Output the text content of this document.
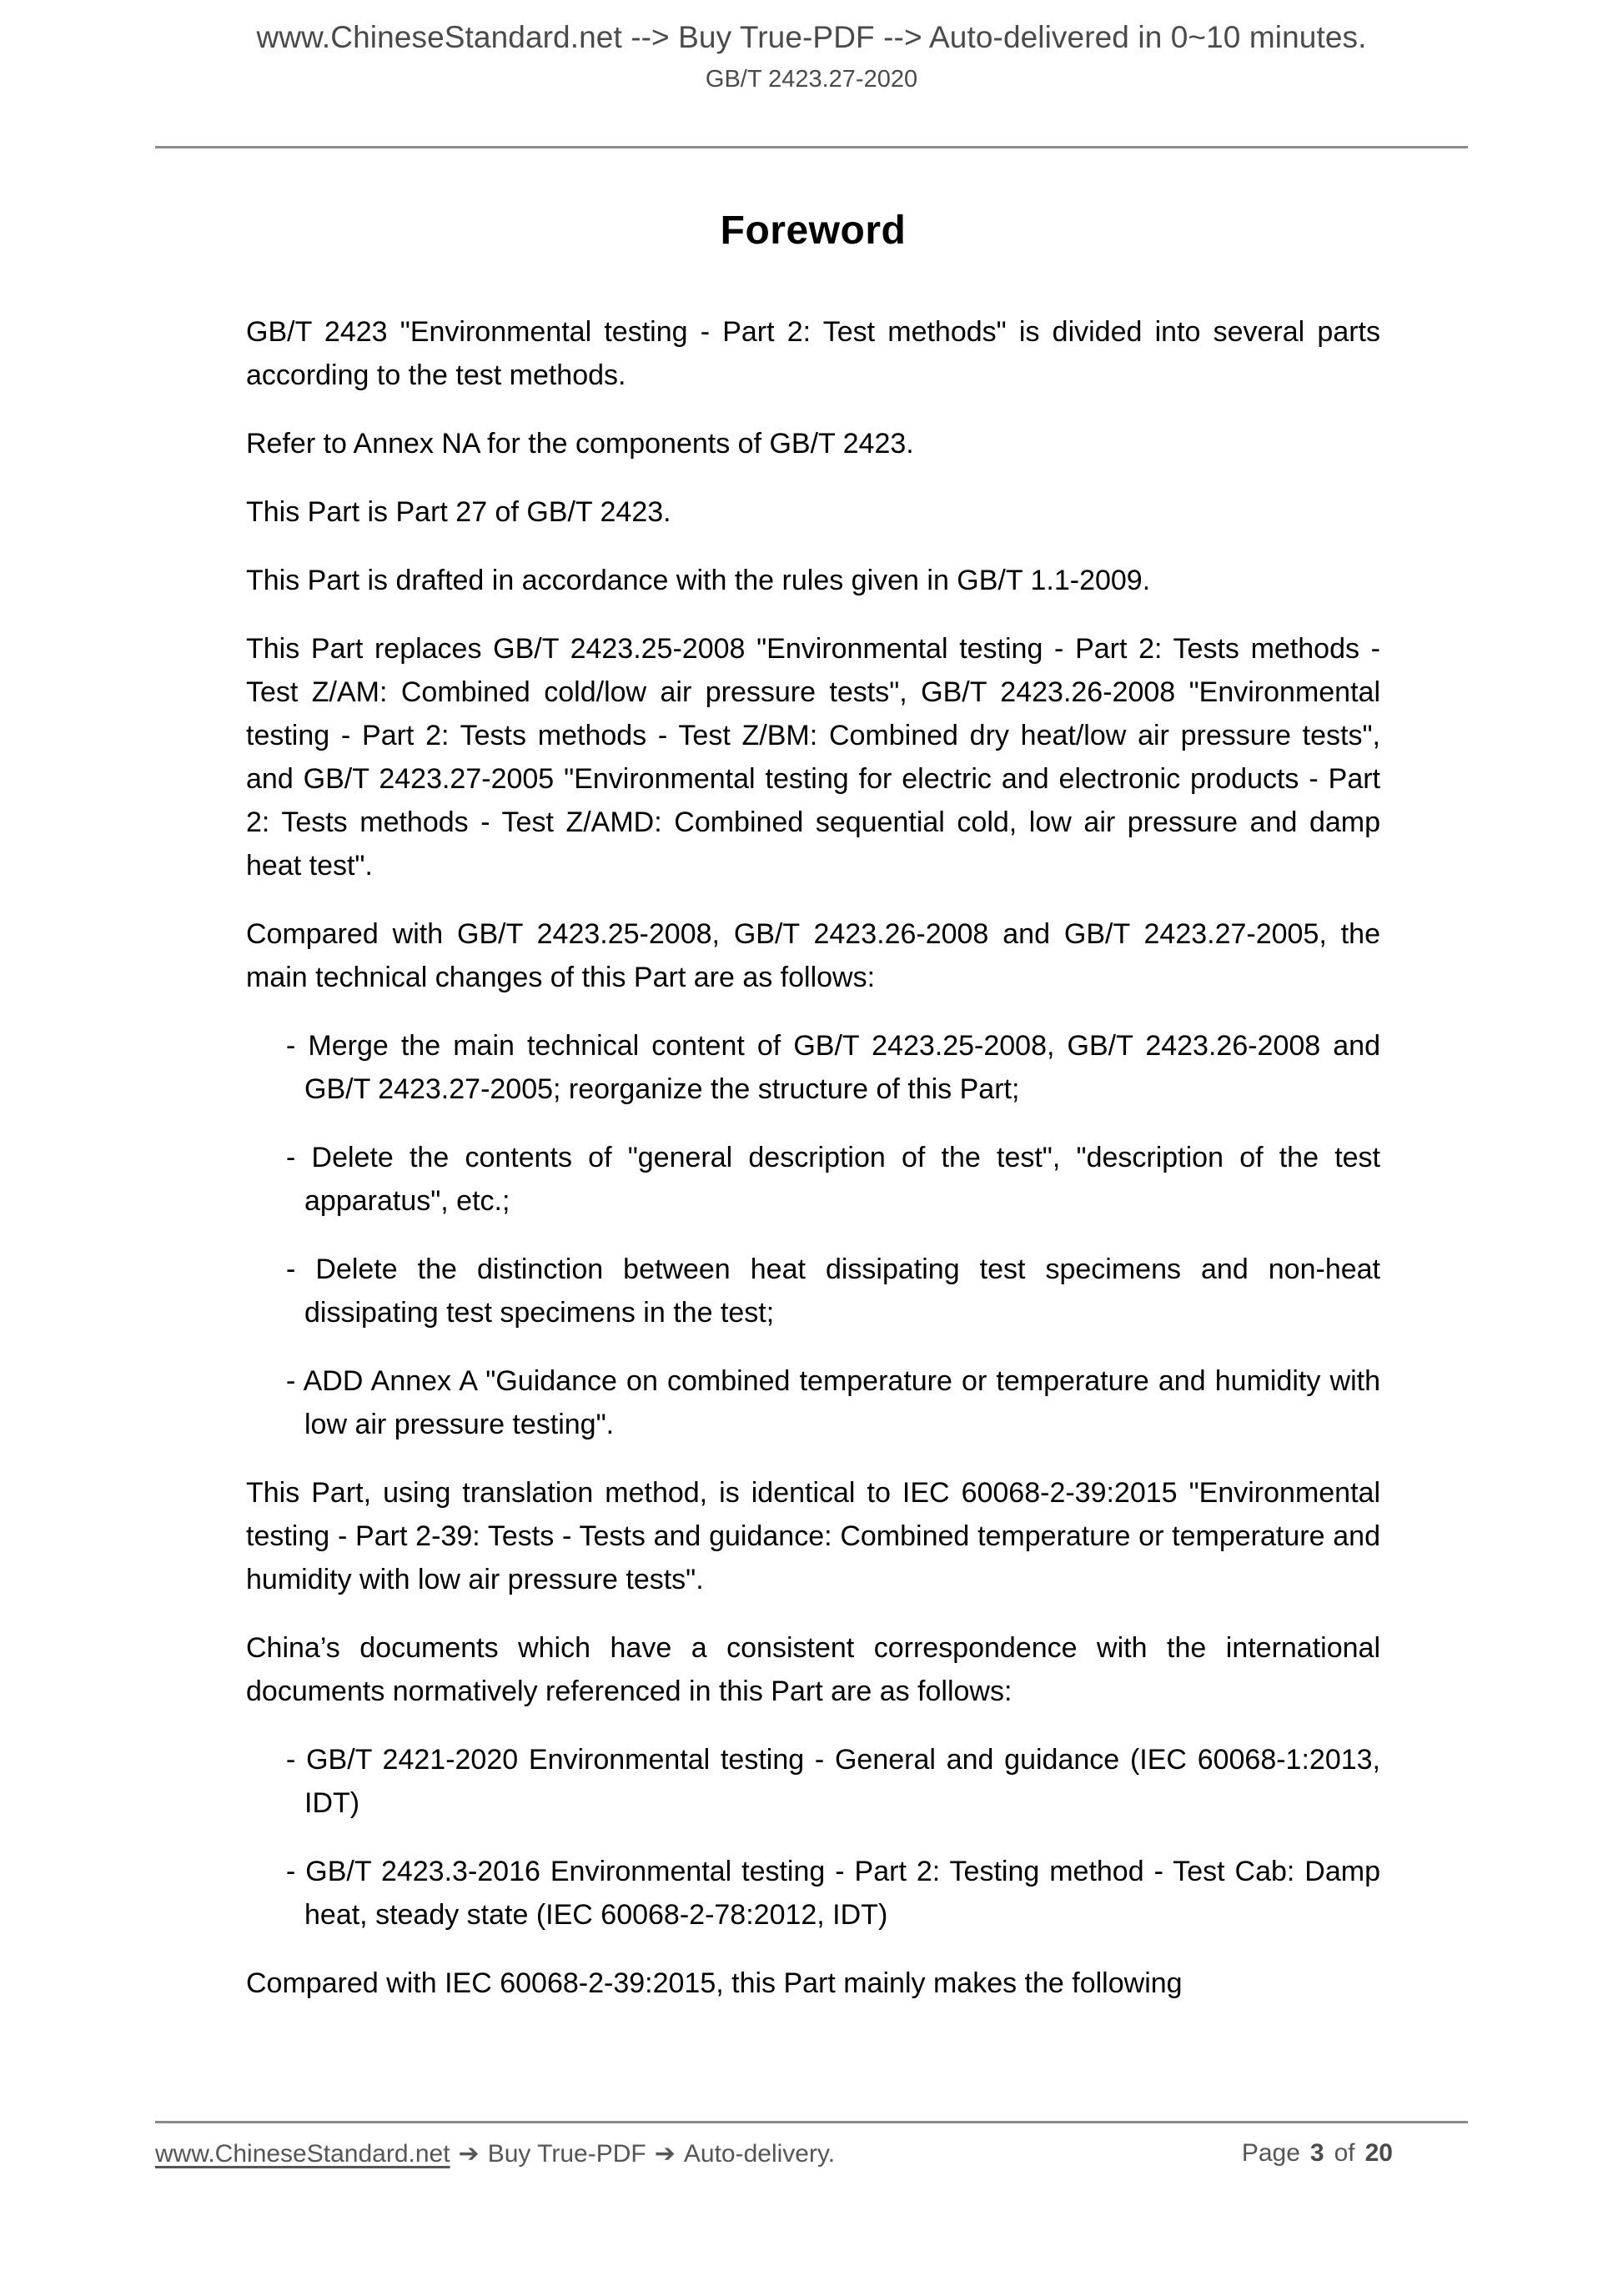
www.ChineseStandard.net --> Buy True-PDF --> Auto-delivered in 0~10 minutes.
GB/T 2423.27-2020
Foreword

GB/T 2423 "Environmental testing - Part 2: Test methods" is divided into several parts according to the test methods.

Refer to Annex NA for the components of GB/T 2423.

This Part is Part 27 of GB/T 2423.

This Part is drafted in accordance with the rules given in GB/T 1.1-2009.

This Part replaces GB/T 2423.25-2008 "Environmental testing - Part 2: Tests methods - Test Z/AM: Combined cold/low air pressure tests", GB/T 2423.26-2008 "Environmental testing - Part 2: Tests methods - Test Z/BM: Combined dry heat/low air pressure tests", and GB/T 2423.27-2005 "Environmental testing for electric and electronic products - Part 2: Tests methods - Test Z/AMD: Combined sequential cold, low air pressure and damp heat test".

Compared with GB/T 2423.25-2008, GB/T 2423.26-2008 and GB/T 2423.27-2005, the main technical changes of this Part are as follows:

- Merge the main technical content of GB/T 2423.25-2008, GB/T 2423.26-2008 and GB/T 2423.27-2005; reorganize the structure of this Part;
- Delete the contents of "general description of the test", "description of the test apparatus", etc.;
- Delete the distinction between heat dissipating test specimens and non-heat dissipating test specimens in the test;
- ADD Annex A "Guidance on combined temperature or temperature and humidity with low air pressure testing".

This Part, using translation method, is identical to IEC 60068-2-39:2015 "Environmental testing - Part 2-39: Tests - Tests and guidance: Combined temperature or temperature and humidity with low air pressure tests".

China’s documents which have a consistent correspondence with the international documents normatively referenced in this Part are as follows:

- GB/T 2421-2020 Environmental testing - General and guidance (IEC 60068-1:2013, IDT)
- GB/T 2423.3-2016 Environmental testing - Part 2: Testing method - Test Cab: Damp heat, steady state (IEC 60068-2-78:2012, IDT)

Compared with IEC 60068-2-39:2015, this Part mainly makes the following

www.ChineseStandard.net ➔ Buy True-PDF ➔ Auto-delivery.	Page 3 of 20
